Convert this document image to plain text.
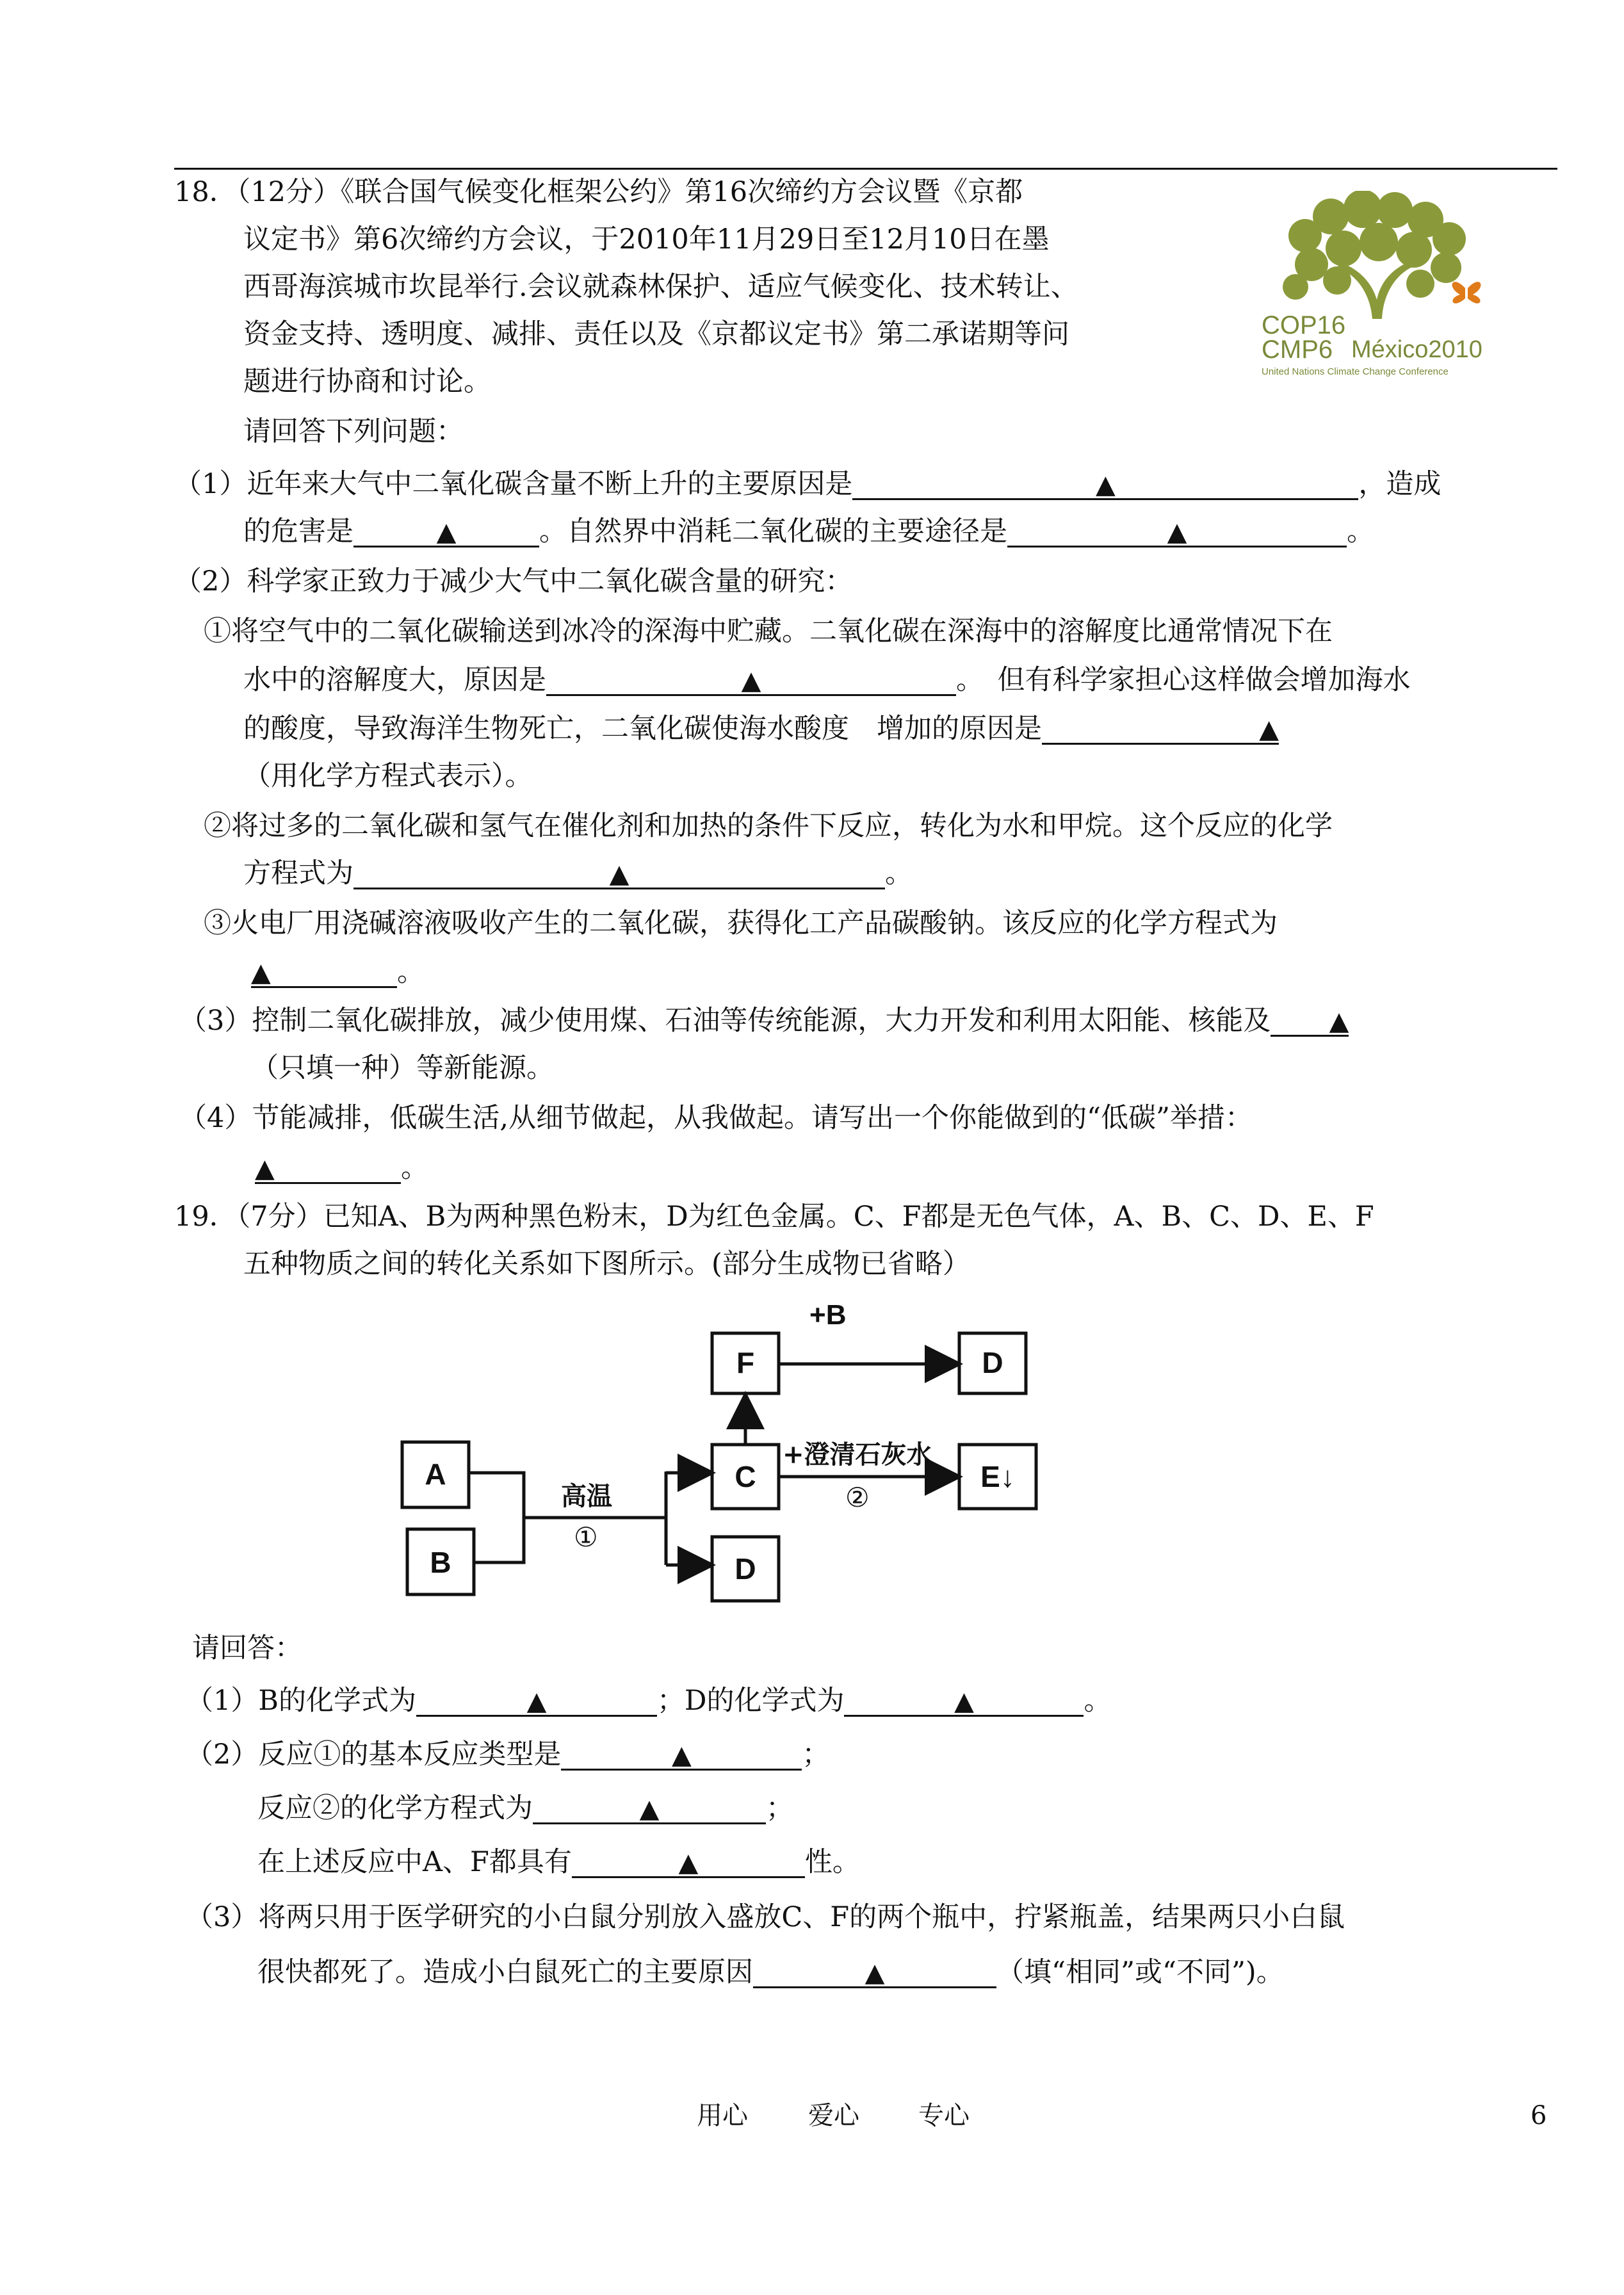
18．（12分）《联合国气候变化框架公约》第16次缔约方会议暨《京都
议定书》第6次缔约方会议，于2010年11月29日至12月10日在墨
西哥海滨城市坎昆举行.会议就森林保护、适应气候变化、技术转让、
资金支持、透明度、减排、责任以及《京都议定书》第二承诺期等问
题进行协商和讨论。
COP16
CMP6 México2010
United Nations Climate Change Conference
请回答下列问题：
（1）近年来大气中二氧化碳含量不断上升的主要原因是	▲	，造成
的危害是	▲	。自然界中消耗二氧化碳的主要途径是	▲	。
（2）科学家正致力于减少大气中二氧化碳含量的研究：
①将空气中的二氧化碳输送到冰冷的深海中贮藏。二氧化碳在深海中的溶解度比通常情况下在
水中的溶解度大，原因是	▲	。　但有科学家担心这样做会增加海水
的酸度，导致海洋生物死亡，二氧化碳使海水酸度　增加的原因是	▲
（用化学方程式表示）。
②将过多的二氧化碳和氢气在催化剂和加热的条件下反应，转化为水和甲烷。这个反应的化学
方程式为	▲	。
③火电厂用浇碱溶液吸收产生的二氧化碳，获得化工产品碳酸钠。该反应的化学方程式为
▲	。
（3）控制二氧化碳排放，减少使用煤、石油等传统能源，大力开发和利用太阳能、核能及 ▲
（只填一种）等新能源。
（4）节能减排，低碳生活,从细节做起，从我做起。请写出一个你能做到的“低碳”举措：
▲	。
19．（7分）已知A、B为两种黑色粉末，D为红色金属。C、F都是无色气体，A、B、C、D、E、F
五种物质之间的转化关系如下图所示。(部分生成物已省略）
F	D
A	C	E↓
B	D
+B
高温
①
+澄清石灰水
②
请回答：
（1）B的化学式为	▲	；D的化学式为	▲	。
（2）反应①的基本反应类型是	▲	；
反应②的化学方程式为	▲	；
在上述反应中A、F都具有	▲	性。
（3）将两只用于医学研究的小白鼠分别放入盛放C、F的两个瓶中，拧紧瓶盖，结果两只小白鼠
很快都死了。造成小白鼠死亡的主要原因	▲	（填“相同”或“不同”)。
用心 爱心 专心	6
